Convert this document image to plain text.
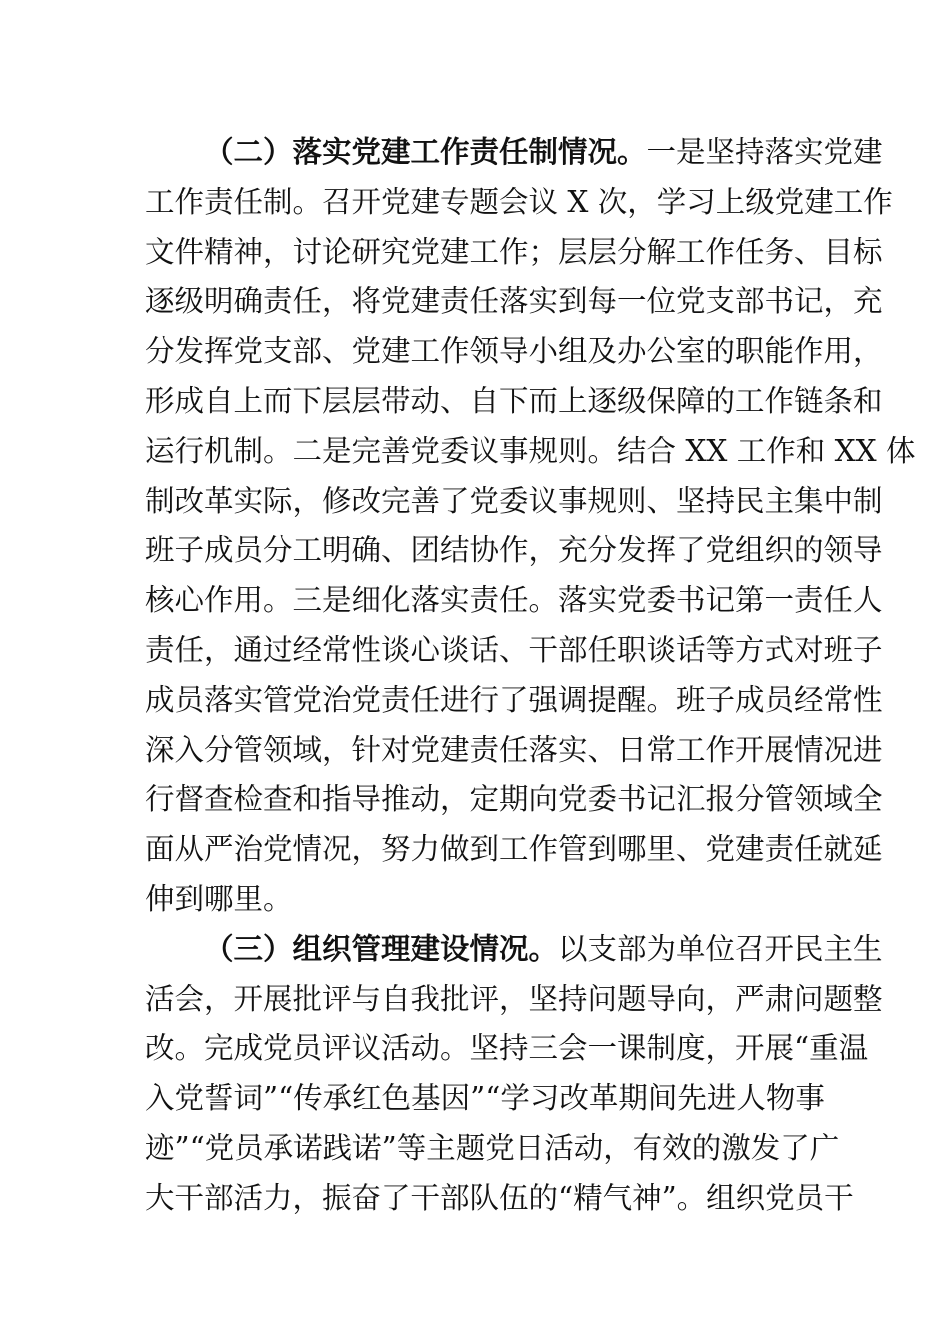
（二）落实党建工作责任制情况。一是坚持落实党建
工作责任制。召开党建专题会议 X 次，学习上级党建工作
文件精神，讨论研究党建工作；层层分解工作任务、目标
逐级明确责任，将党建责任落实到每一位党支部书记，充
分发挥党支部、党建工作领导小组及办公室的职能作用，
形成自上而下层层带动、自下而上逐级保障的工作链条和
运行机制。二是完善党委议事规则。结合 XX 工作和 XX 体
制改革实际，修改完善了党委议事规则、坚持民主集中制
班子成员分工明确、团结协作，充分发挥了党组织的领导
核心作用。三是细化落实责任。落实党委书记第一责任人
责任，通过经常性谈心谈话、干部任职谈话等方式对班子
成员落实管党治党责任进行了强调提醒。班子成员经常性
深入分管领域，针对党建责任落实、日常工作开展情况进
行督查检查和指导推动，定期向党委书记汇报分管领域全
面从严治党情况，努力做到工作管到哪里、党建责任就延
伸到哪里。
（三）组织管理建设情况。以支部为单位召开民主生
活会，开展批评与自我批评，坚持问题导向，严肃问题整
改。完成党员评议活动。坚持三会一课制度，开展“重温
入党誓词”“传承红色基因”“学习改革期间先进人物事
迹”“党员承诺践诺”等主题党日活动，有效的激发了广
大干部活力，振奋了干部队伍的“精气神”。组织党员干
